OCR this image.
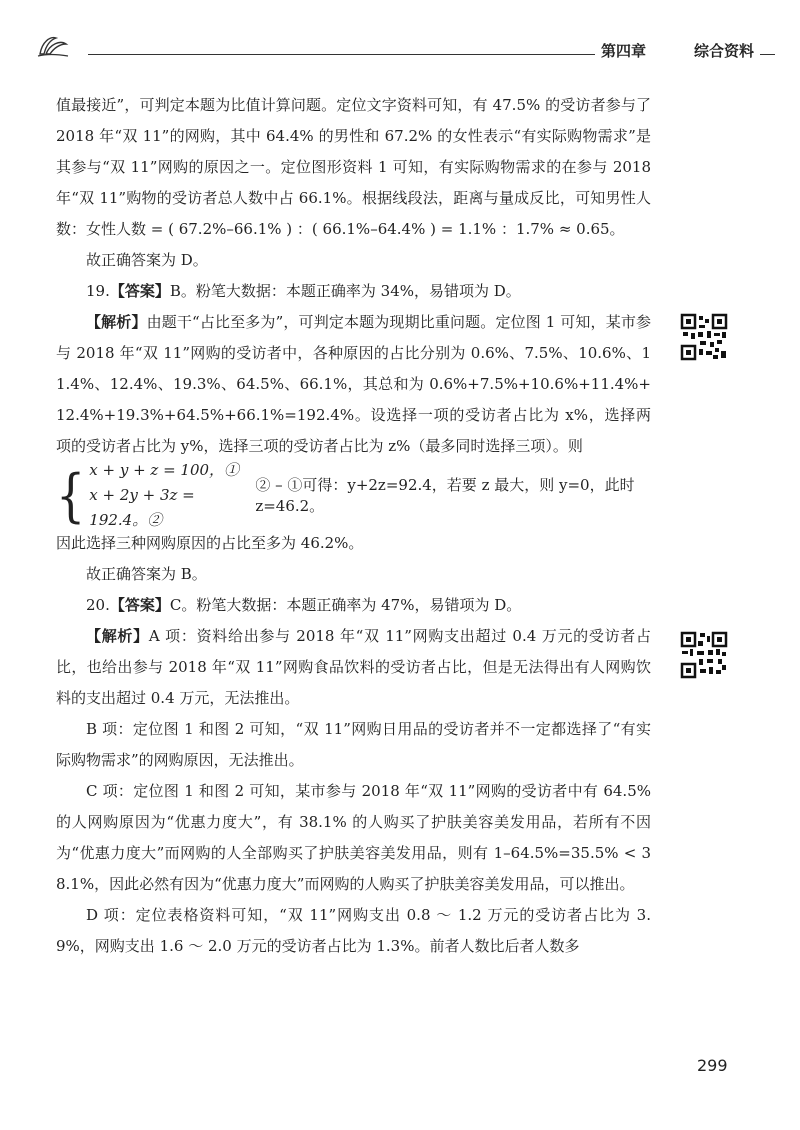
第四章	综合资料

值最接近”，可判定本题为比值计算问题。定位文字资料可知，有 47.5% 的受访者参与了 2018 年“双 11”的网购，其中 64.4% 的男性和 67.2% 的女性表示“有实际购物需求”是其参与“双 11”网购的原因之一。定位图形资料 1 可知，有实际购物需求的在参与 2018 年“双 11”购物的受访者总人数中占 66.1%。根据线段法，距离与量成反比，可知男性人数：女性人数 = ( 67.2%–66.1% ) ：( 66.1%–64.4% ) = 1.1% ：1.7% ≈ 0.65。

故正确答案为 D。

19.【答案】B。粉笔大数据：本题正确率为 34%，易错项为 D。

【解析】由题干“占比至多为”，可判定本题为现期比重问题。定位图 1 可知，某市参与 2018 年“双 11”网购的受访者中，各种原因的占比分别为 0.6%、7.5%、10.6%、11.4%、12.4%、19.3%、64.5%、66.1%，其总和为 0.6%+7.5%+10.6%+11.4%+12.4%+19.3%+64.5%+66.1%=192.4%。设选择一项的受访者占比为 x%，选择两项的受访者占比为 y%，选择三项的受访者占比为 z%（最多同时选择三项）。则

{ x + y + z = 100，①
x + 2y + 3z = 192.4。②
② – ①可得：y+2z=92.4，若要 z 最大，则 y=0，此时 z=46.2。

因此选择三种网购原因的占比至多为 46.2%。

故正确答案为 B。

20.【答案】C。粉笔大数据：本题正确率为 47%，易错项为 D。

【解析】A 项：资料给出参与 2018 年“双 11”网购支出超过 0.4 万元的受访者占比，也给出参与 2018 年“双 11”网购食品饮料的受访者占比，但是无法得出有人网购饮料的支出超过 0.4 万元，无法推出。

B 项：定位图 1 和图 2 可知，“双 11”网购日用品的受访者并不一定都选择了“有实际购物需求”的网购原因，无法推出。

C 项：定位图 1 和图 2 可知，某市参与 2018 年“双 11”网购的受访者中有 64.5% 的人网购原因为“优惠力度大”，有 38.1% 的人购买了护肤美容美发用品，若所有不因为“优惠力度大”而网购的人全部购买了护肤美容美发用品，则有 1–64.5%=35.5% < 38.1%，因此必然有因为“优惠力度大”而网购的人购买了护肤美容美发用品，可以推出。

D 项：定位表格资料可知，“双 11”网购支出 0.8 ～ 1.2 万元的受访者占比为 3.9%，网购支出 1.6 ～ 2.0 万元的受访者占比为 1.3%。前者人数比后者人数多

299
